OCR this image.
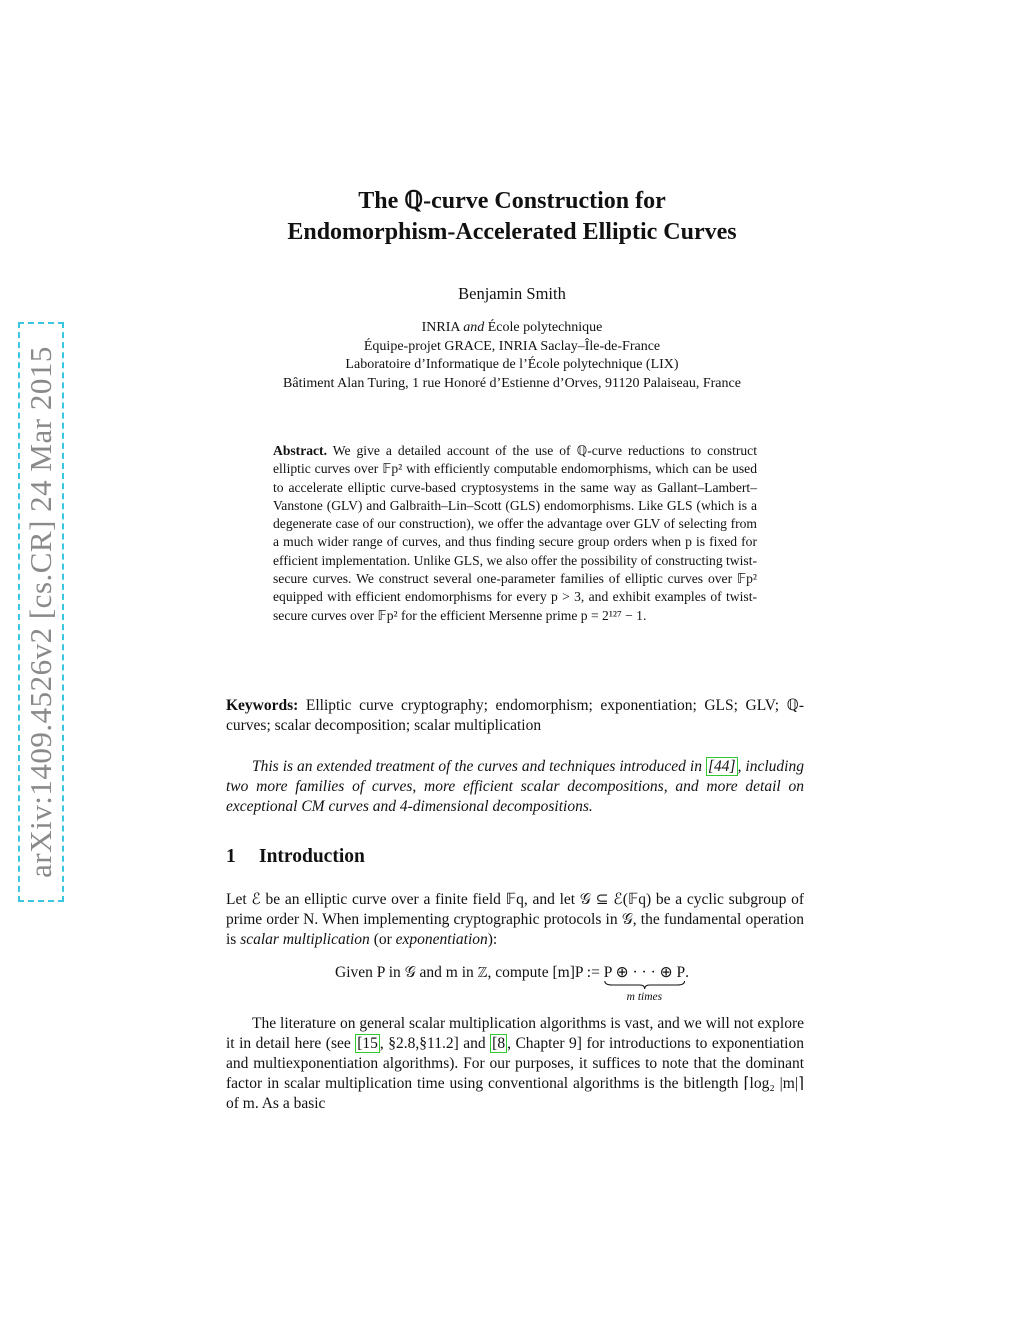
arXiv:1409.4526v2 [cs.CR] 24 Mar 2015
The ℚ-curve Construction for
Endomorphism-Accelerated Elliptic Curves
Benjamin Smith
INRIA and École polytechnique
Équipe-projet GRACE, INRIA Saclay–Île-de-France
Laboratoire d’Informatique de l’École polytechnique (LIX)
Bâtiment Alan Turing, 1 rue Honoré d’Estienne d’Orves, 91120 Palaiseau, France
Abstract. We give a detailed account of the use of ℚ-curve reductions to construct elliptic curves over 𝔽p² with efficiently computable endomorphisms, which can be used to accelerate elliptic curve-based cryptosystems in the same way as Gallant–Lambert–Vanstone (GLV) and Galbraith–Lin–Scott (GLS) endomorphisms. Like GLS (which is a degenerate case of our construction), we offer the advantage over GLV of selecting from a much wider range of curves, and thus finding secure group orders when p is fixed for efficient implementation. Unlike GLS, we also offer the possibility of constructing twist-secure curves. We construct several one-parameter families of elliptic curves over 𝔽p² equipped with efficient endomorphisms for every p > 3, and exhibit examples of twist-secure curves over 𝔽p² for the efficient Mersenne prime p = 2¹²⁷ − 1.
Keywords: Elliptic curve cryptography; endomorphism; exponentiation; GLS; GLV; ℚ-curves; scalar decomposition; scalar multiplication
This is an extended treatment of the curves and techniques introduced in [44] , including two more families of curves, more efficient scalar decompositions, and more detail on exceptional CM curves and 4-dimensional decompositions.
1 Introduction
Let ℰ be an elliptic curve over a finite field 𝔽q, and let 𝒢 ⊆ ℰ(𝔽q) be a cyclic subgroup of prime order N. When implementing cryptographic protocols in 𝒢, the fundamental operation is scalar multiplication (or exponentiation):
Given P in 𝒢 and m in ℤ, compute [m]P := P ⊕ · · · ⊕ P
m times
.
The literature on general scalar multiplication algorithms is vast, and we will not explore it in detail here (see [15 , §2.8,§11.2] and [8 , Chapter 9] for introductions to exponentiation and multiexponentiation algorithms). For our purposes, it suffices to note that the dominant factor in scalar multiplication time using conventional algorithms is the bitlength ⌈log₂ |m|⌉ of m. As a basic
